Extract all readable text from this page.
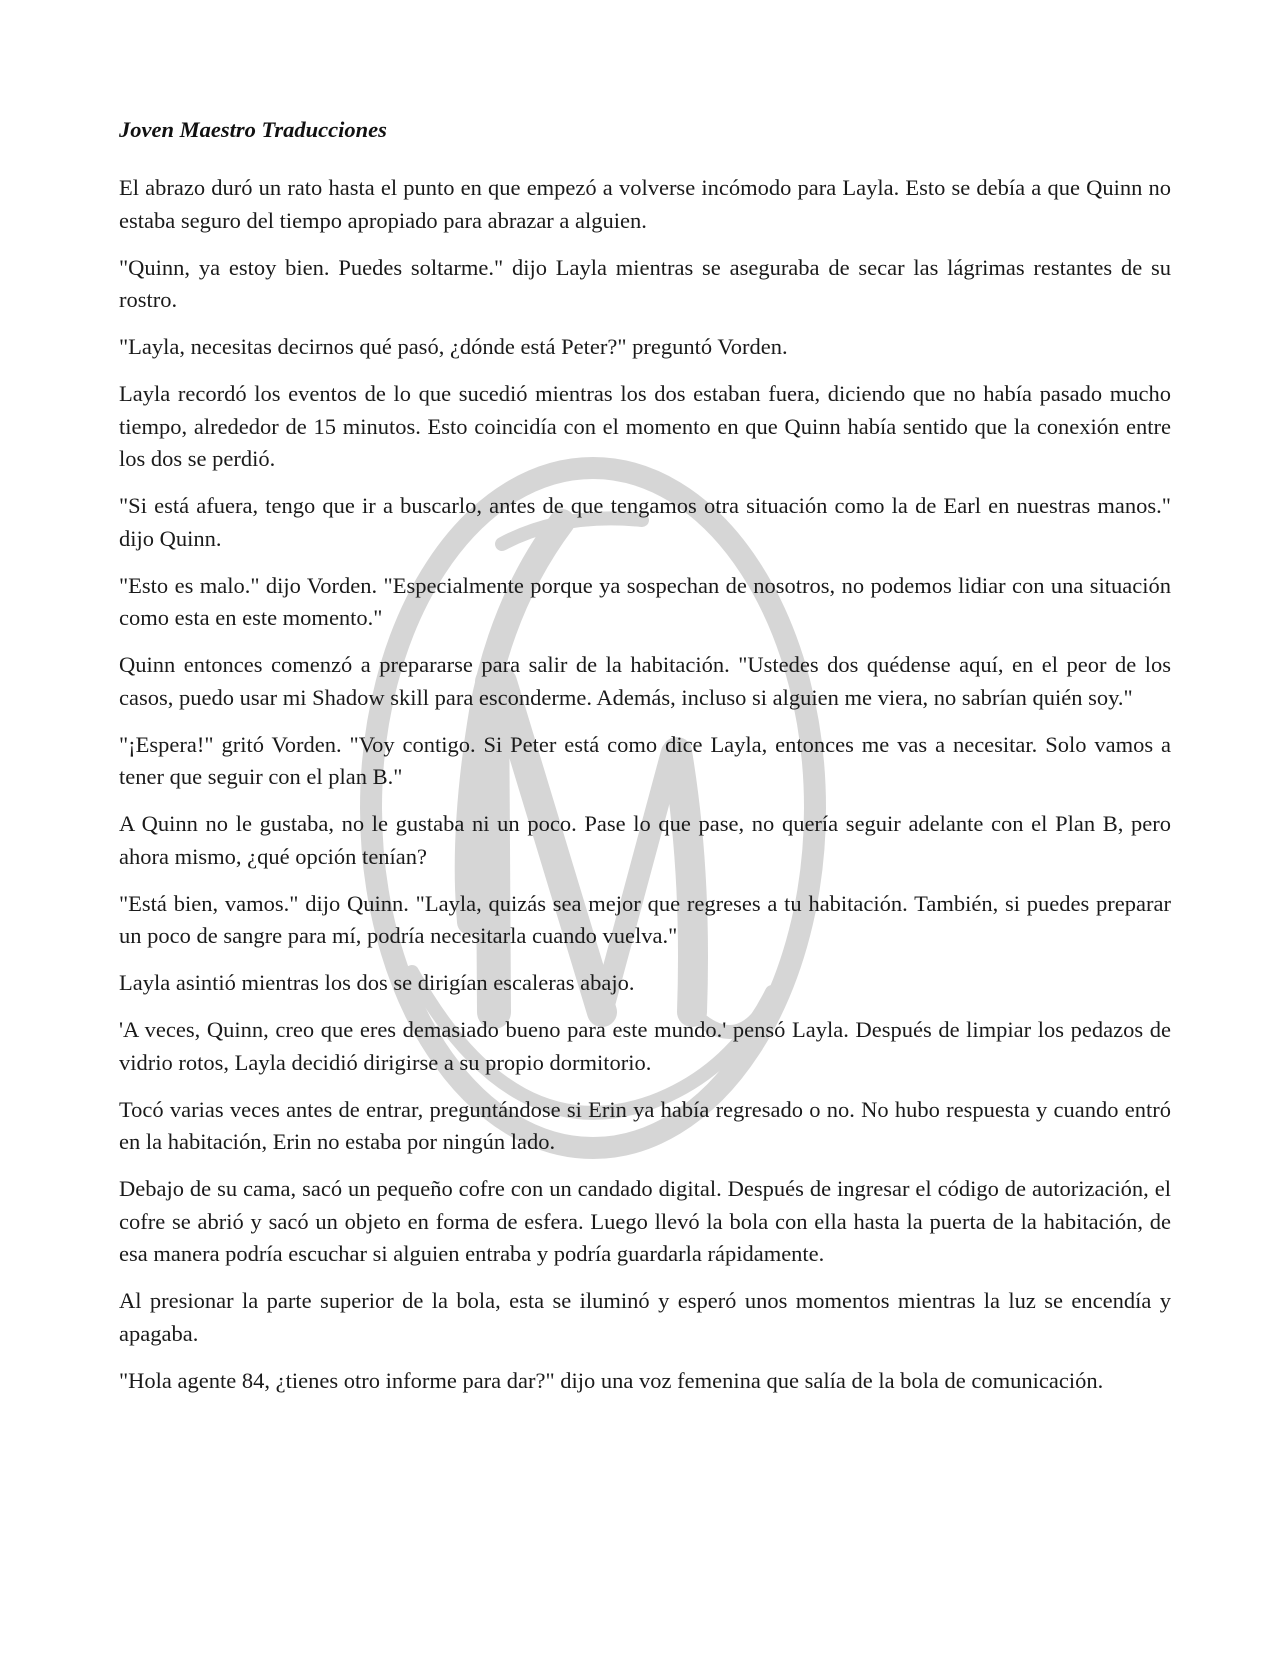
Joven Maestro Traducciones

El abrazo duró un rato hasta el punto en que empezó a volverse incómodo para Layla. Esto se debía a que Quinn no estaba seguro del tiempo apropiado para abrazar a alguien.

"Quinn, ya estoy bien. Puedes soltarme." dijo Layla mientras se aseguraba de secar las lágrimas restantes de su rostro.

"Layla, necesitas decirnos qué pasó, ¿dónde está Peter?" preguntó Vorden.

Layla recordó los eventos de lo que sucedió mientras los dos estaban fuera, diciendo que no había pasado mucho tiempo, alrededor de 15 minutos. Esto coincidía con el momento en que Quinn había sentido que la conexión entre los dos se perdió.

"Si está afuera, tengo que ir a buscarlo, antes de que tengamos otra situación como la de Earl en nuestras manos." dijo Quinn.

"Esto es malo." dijo Vorden. "Especialmente porque ya sospechan de nosotros, no podemos lidiar con una situación como esta en este momento."

Quinn entonces comenzó a prepararse para salir de la habitación. "Ustedes dos quédense aquí, en el peor de los casos, puedo usar mi Shadow skill para esconderme. Además, incluso si alguien me viera, no sabrían quién soy."

"¡Espera!" gritó Vorden. "Voy contigo. Si Peter está como dice Layla, entonces me vas a necesitar. Solo vamos a tener que seguir con el plan B."

A Quinn no le gustaba, no le gustaba ni un poco. Pase lo que pase, no quería seguir adelante con el Plan B, pero ahora mismo, ¿qué opción tenían?

"Está bien, vamos." dijo Quinn. "Layla, quizás sea mejor que regreses a tu habitación. También, si puedes preparar un poco de sangre para mí, podría necesitarla cuando vuelva."

Layla asintió mientras los dos se dirigían escaleras abajo.

'A veces, Quinn, creo que eres demasiado bueno para este mundo.' pensó Layla. Después de limpiar los pedazos de vidrio rotos, Layla decidió dirigirse a su propio dormitorio.

Tocó varias veces antes de entrar, preguntándose si Erin ya había regresado o no. No hubo respuesta y cuando entró en la habitación, Erin no estaba por ningún lado.

Debajo de su cama, sacó un pequeño cofre con un candado digital. Después de ingresar el código de autorización, el cofre se abrió y sacó un objeto en forma de esfera. Luego llevó la bola con ella hasta la puerta de la habitación, de esa manera podría escuchar si alguien entraba y podría guardarla rápidamente.

Al presionar la parte superior de la bola, esta se iluminó y esperó unos momentos mientras la luz se encendía y apagaba.

"Hola agente 84, ¿tienes otro informe para dar?" dijo una voz femenina que salía de la bola de comunicación.
